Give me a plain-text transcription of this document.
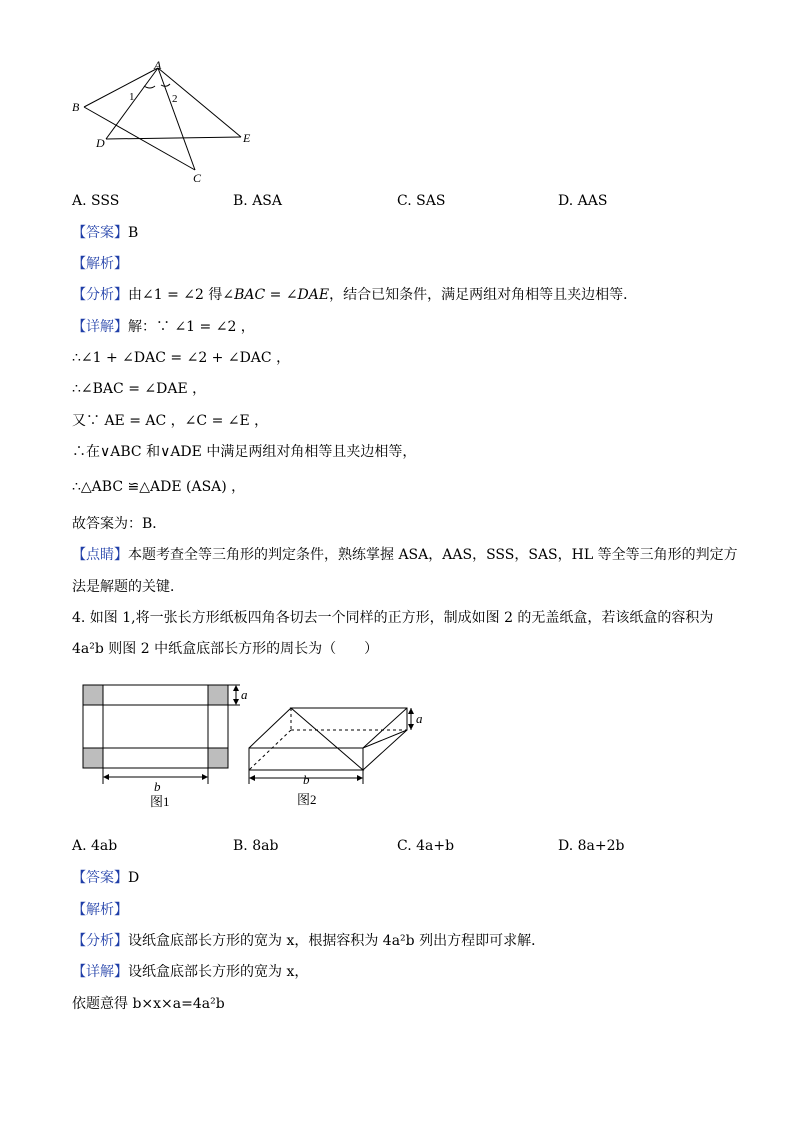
A
B
D
C
E
1	2
A. SSS	B. ASA	C. SAS	D. AAS
【答案】B
【解析】
【分析】由∠1 = ∠2 得∠BAC = ∠DAE，结合已知条件，满足两组对角相等且夹边相等．
【详解】解：∵ ∠1 = ∠2 ，
∴∠1 + ∠DAC = ∠2 + ∠DAC ，
∴∠BAC = ∠DAE ，
又∵ AE = AC ，∠C = ∠E ，
∴在∨ABC 和∨ADE 中满足两组对角相等且夹边相等，
∴△ABC ≌△ADE (ASA) ，
故答案为：B．
【点睛】本题考查全等三角形的判定条件，熟练掌握 ASA，AAS，SSS，SAS，HL 等全等三角形的判定方
法是解题的关键．
4. 如图 1,将一张长方形纸板四角各切去一个同样的正方形，制成如图 2 的无盖纸盒，若该纸盒的容积为
4a²b 则图 2 中纸盒底部长方形的周长为（　　）
a
b
图1
a
b
图2
A. 4ab	B. 8ab	C. 4a+b	D. 8a+2b
【答案】D
【解析】
【分析】设纸盒底部长方形的宽为 x，根据容积为 4a²b 列出方程即可求解．
【详解】设纸盒底部长方形的宽为 x，
依题意得 b×x×a=4a²b
